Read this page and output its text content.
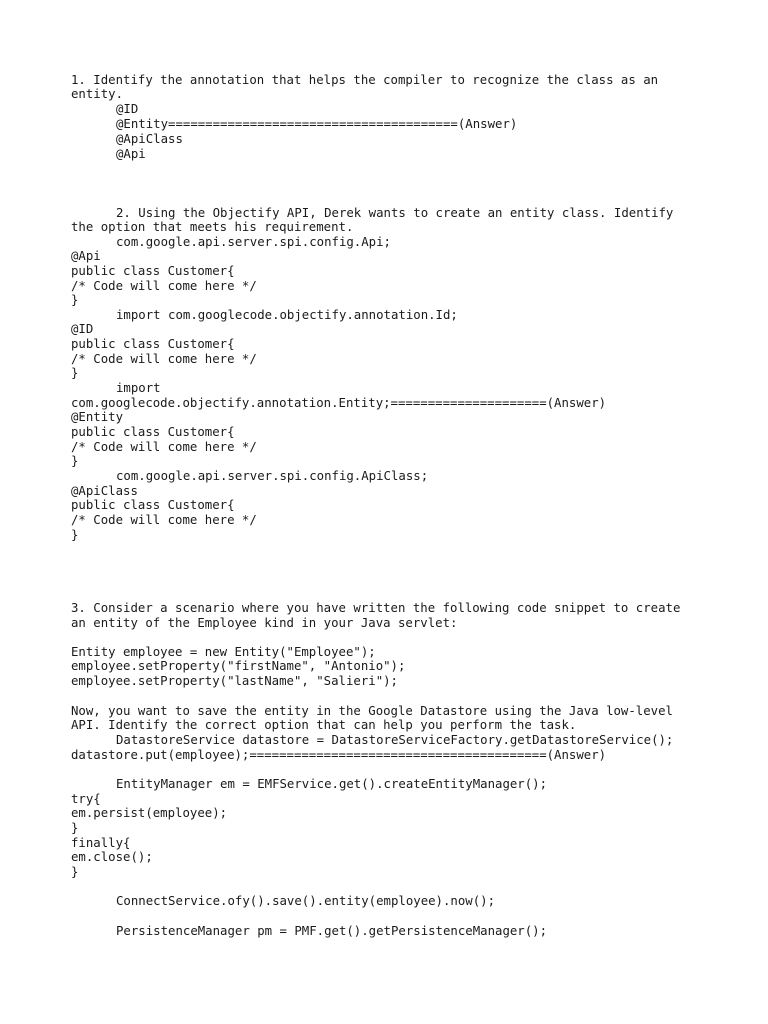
1. Identify the annotation that helps the compiler to recognize the class as an
entity.
@ID
@Entity=======================================(Answer)
@ApiClass
@Api
2. Using the Objectify API, Derek wants to create an entity class. Identify
the option that meets his requirement.
com.google.api.server.spi.config.Api;
@Api
public class Customer{
/* Code will come here */
}
import com.googlecode.objectify.annotation.Id;
@ID
public class Customer{
/* Code will come here */
}
import
com.googlecode.objectify.annotation.Entity;=====================(Answer)
@Entity
public class Customer{
/* Code will come here */
}
com.google.api.server.spi.config.ApiClass;
@ApiClass
public class Customer{
/* Code will come here */
}
3. Consider a scenario where you have written the following code snippet to create
an entity of the Employee kind in your Java servlet:
Entity employee = new Entity("Employee");
employee.setProperty("firstName", "Antonio");
employee.setProperty("lastName", "Salieri");
Now, you want to save the entity in the Google Datastore using the Java low-level
API. Identify the correct option that can help you perform the task.
DatastoreService datastore = DatastoreServiceFactory.getDatastoreService();
datastore.put(employee);========================================(Answer)
EntityManager em = EMFService.get().createEntityManager();
try{
em.persist(employee);
}
finally{
em.close();
}
ConnectService.ofy().save().entity(employee).now();
PersistenceManager pm = PMF.get().getPersistenceManager();
